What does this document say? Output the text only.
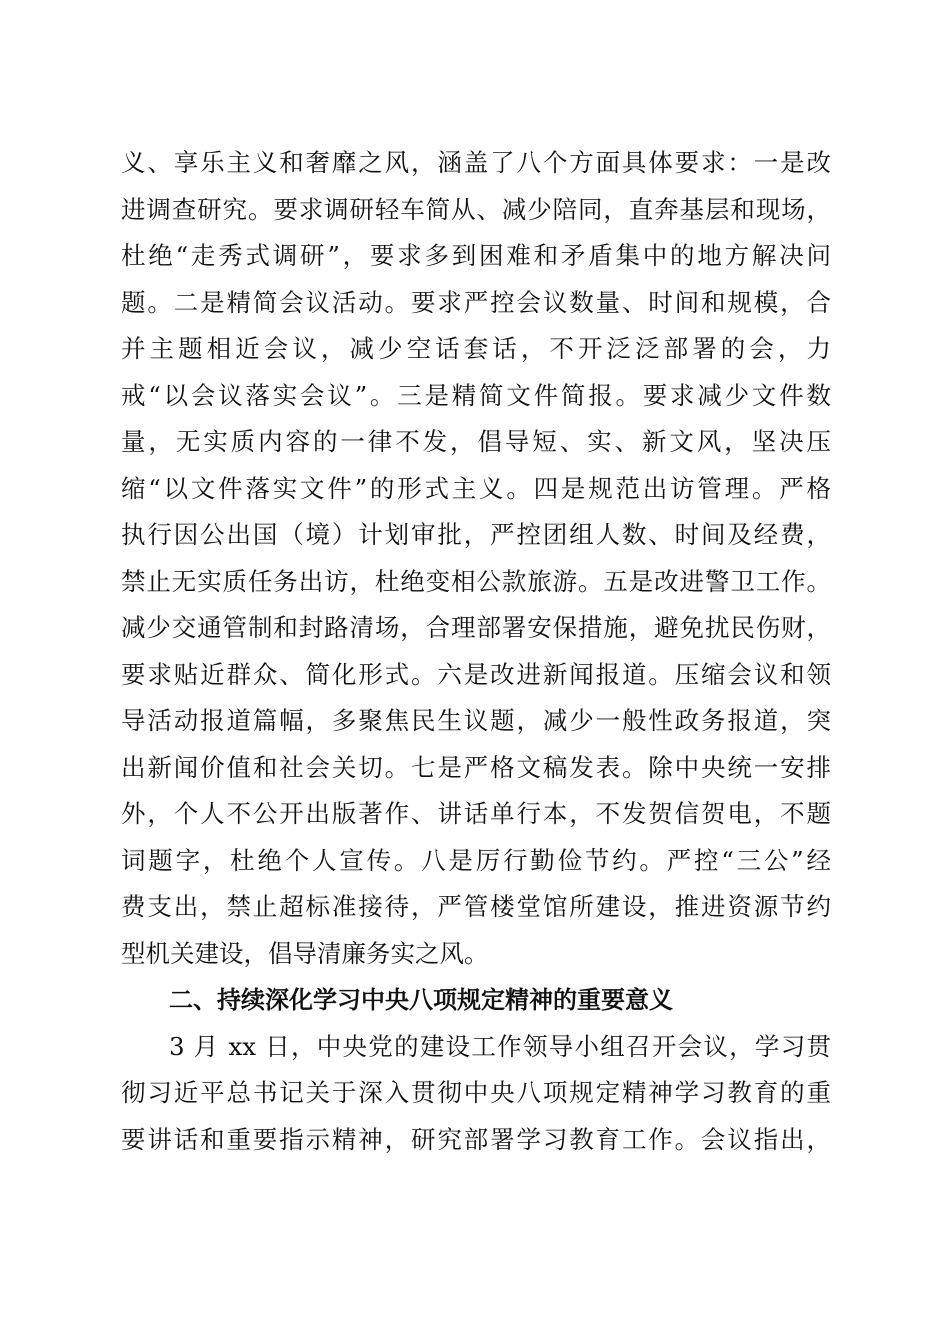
义、享乐主义和奢靡之风，涵盖了八个方面具体要求：一是改
进调查研究。要求调研轻车简从、减少陪同，直奔基层和现场，
杜绝“走秀式调研”，要求多到困难和矛盾集中的地方解决问
题。二是精简会议活动。要求严控会议数量、时间和规模，合
并主题相近会议，减少空话套话，不开泛泛部署的会，力
戒“以会议落实会议”。三是精简文件简报。要求减少文件数
量，无实质内容的一律不发，倡导短、实、新文风，坚决压
缩“以文件落实文件”的形式主义。四是规范出访管理。严格
执行因公出国（境）计划审批，严控团组人数、时间及经费，
禁止无实质任务出访，杜绝变相公款旅游。五是改进警卫工作。
减少交通管制和封路清场，合理部署安保措施，避免扰民伤财，
要求贴近群众、简化形式。六是改进新闻报道。压缩会议和领
导活动报道篇幅，多聚焦民生议题，减少一般性政务报道，突
出新闻价值和社会关切。七是严格文稿发表。除中央统一安排
外，个人不公开出版著作、讲话单行本，不发贺信贺电，不题
词题字，杜绝个人宣传。八是厉行勤俭节约。严控“三公”经
费支出，禁止超标准接待，严管楼堂馆所建设，推进资源节约
型机关建设，倡导清廉务实之风。
二、持续深化学习中央八项规定精神的重要意义
3 月 xx 日，中央党的建设工作领导小组召开会议，学习贯
彻习近平总书记关于深入贯彻中央八项规定精神学习教育的重
要讲话和重要指示精神，研究部署学习教育工作。会议指出，
